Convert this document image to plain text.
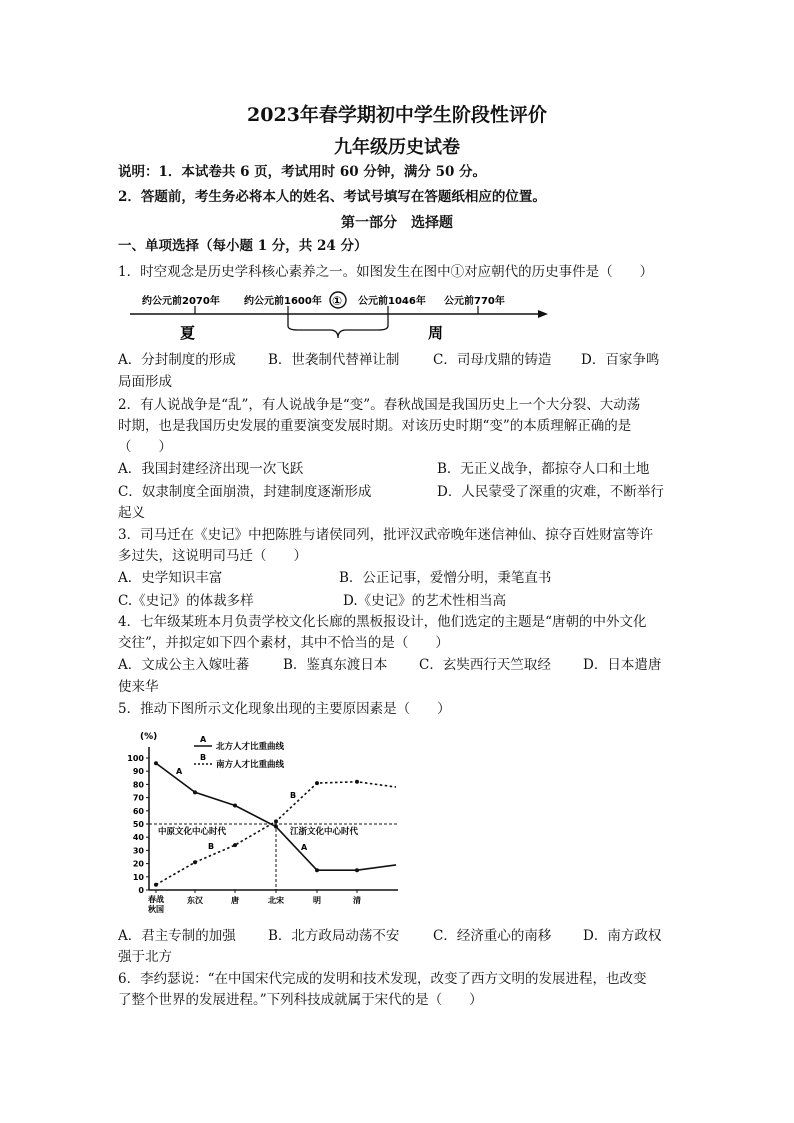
2023年春学期初中学生阶段性评价
九年级历史试卷
说明：1．本试卷共 6 页，考试用时 60 分钟，满分 50 分。
2．答题前，考生务必将本人的姓名、考试号填写在答题纸相应的位置。
第一部分　选择题
一、单项选择（每小题 1 分，共 24 分）
1．时空观念是历史学科核心素养之一。如图发生在图中①对应朝代的历史事件是（　　）
约公元前2070年 约公元前1600年 ① 公元前1046年 公元前770年
夏	周
A．分封制度的形成 B．世袭制代替禅让制 C．司母戊鼎的铸造 D．百家争鸣
局面形成
2．有人说战争是“乱”，有人说战争是“变”。春秋战国是我国历史上一个大分裂、大动荡
时期，也是我国历史发展的重要演变发展时期。对该历史时期“变”的本质理解正确的是
（　　）
A．我国封建经济出现一次飞跃	B．无正义战争，都掠夺人口和土地
C．奴隶制度全面崩溃，封建制度逐渐形成	D．人民蒙受了深重的灾难，不断举行
起义
3．司马迁在《史记》中把陈胜与诸侯同列，批评汉武帝晚年迷信神仙、掠夺百姓财富等许
多过失，这说明司马迁（　　）
A．史学知识丰富	B．公正记事，爱憎分明，秉笔直书
C.《史记》的体裁多样	D.《史记》的艺术性相当高
4．七年级某班本月负责学校文化长廊的黑板报设计，他们选定的主题是“唐朝的中外文化
交往”，并拟定如下四个素材，其中不恰当的是（　　）
A．文成公主入嫁吐蕃	B．鉴真东渡日本 C．玄奘西行天竺取经 D．日本遣唐
使来华
5．推动下图所示文化现象出现的主要原因素是（　　）
(%)
100
90
80
70
60
50
40
30
20
10
0
春战
秋国
东汉	唐	北宋	明	清
A
A
B
B
A
北方人才比重曲线
B
南方人才比重曲线
中原文化中心时代	江浙文化中心时代
A．君主专制的加强 B．北方政局动荡不安 C．经济重心的南移 D．南方政权
强于北方
6．李约瑟说：“在中国宋代完成的发明和技术发现，改变了西方文明的发展进程，也改变
了整个世界的发展进程。”下列科技成就属于宋代的是（　　）
